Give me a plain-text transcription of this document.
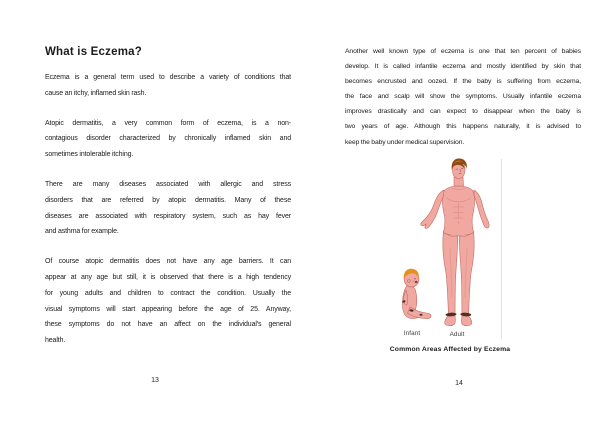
What is Eczema?
Eczema is a general term used to describe a variety of conditions that
cause an itchy, inflamed skin rash.
Atopic dermatitis, a very common form of eczema, is a non-
contagious disorder characterized by chronically inflamed skin and
sometimes intolerable itching.
There are many diseases associated with allergic and stress
disorders that are referred by atopic dermatitis. Many of these
diseases are associated with respiratory system, such as hay fever
and asthma for example.
Of course atopic dermatitis does not have any age barriers. It can
appear at any age but still, it is observed that there is a high tendency
for young adults and children to contract the condition. Usually the
visual symptoms will start appearing before the age of 25. Anyway,
these symptoms do not have an affect on the individual's general
health.
13
Another well known type of eczema is one that ten percent of babies
develop. It is called infantile eczema and mostly identified by skin that
becomes encrusted and oozed. If the baby is suffering from eczema,
the face and scalp will show the symptoms. Usually infantile eczema
improves drastically and can expect to disappear when the baby is
two years of age. Although this happens naturally, it is advised to
keep the baby under medical supervision.
Infant	Adult
Common Areas Affected by Eczema
14
